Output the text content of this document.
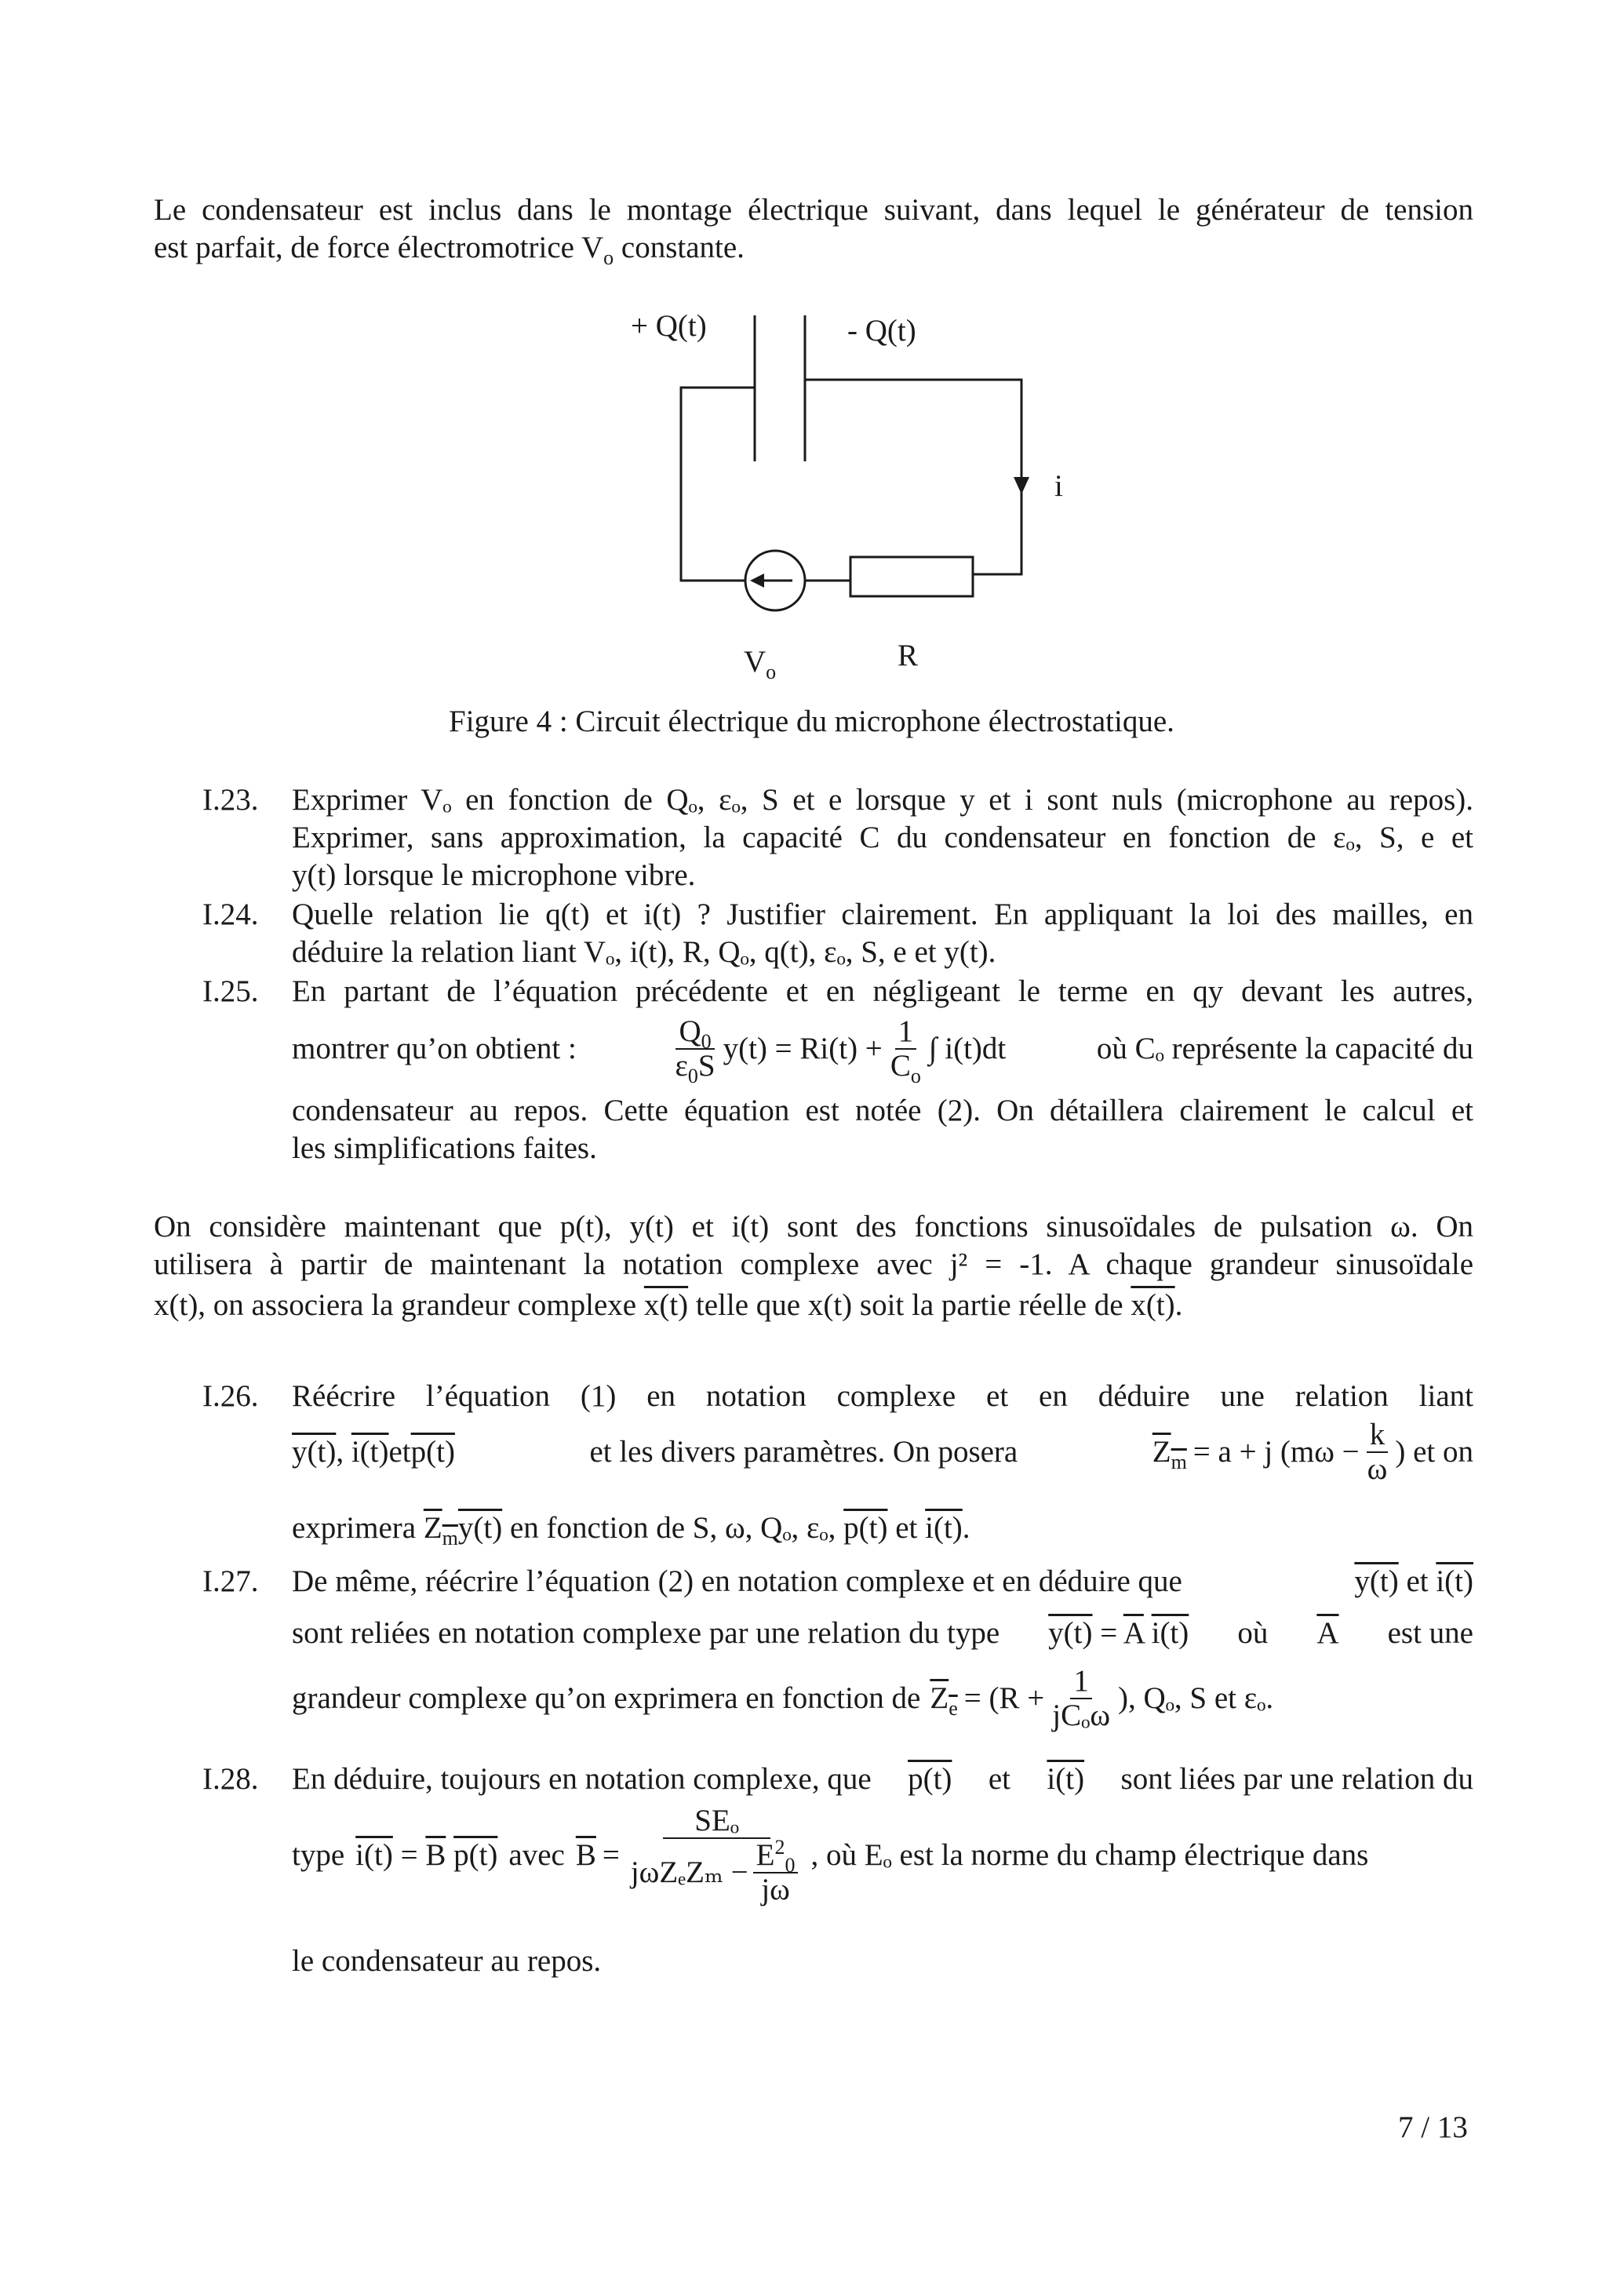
Le condensateur est inclus dans le montage électrique suivant, dans lequel le générateur de tension
est parfait, de force électromotrice $V_o$ constante.
+ Q(t)	- Q(t)
i
$V_o$	R
Figure 4 : Circuit électrique du microphone électrostatique.
I.23. Exprimer Vₒ en fonction de Qₒ, εₒ, S et e lorsque y et i sont nuls (microphone au repos).
Exprimer, sans approximation, la capacité C du condensateur en fonction de εₒ, S, e et
y(t) lorsque le microphone vibre.
I.24. Quelle relation lie q(t) et i(t) ? Justifier clairement. En appliquant la loi des mailles, en
déduire la relation liant Vₒ, i(t), R, Qₒ, q(t), εₒ, S, e et y(t).
I.25. En partant de l’équation précédente et en négligeant le terme en qy devant les autres,
montrer qu’on obtient :	$\frac{Q_0}{\varepsilon_0S} y(t) = Ri(t) + \frac{1}{C_o}$ ∫ i(t)dt	où Cₒ représente la capacité du
condensateur au repos. Cette équation est notée (2). On détaillera clairement le calcul et
les simplifications faites.
On considère maintenant que p(t), y(t) et i(t) sont des fonctions sinusoïdales de pulsation ω. On
utilisera à partir de maintenant la notation complexe avec j² = -1. A chaque grandeur sinusoïdale
x(t), on associera la grandeur complexe x(t) telle que x(t) soit la partie réelle de x(t).
I.26. Réécrire l’équation (1) en notation complexe et en déduire une relation liant
y(t), i(t)etp(t)	et les divers paramètres. On posera	$Z_m = a + j$ ($m\omega - \frac{k}{\omega}$ ) et on
exprimera $Z_my(t)$ en fonction de S, ω, Qₒ, εₒ, p(t) et i(t).
I.27. De même, réécrire l’équation (2) en notation complexe et en déduire que	y(t) et i(t)
sont reliées en notation complexe par une relation du type $y(t) = \overline{A}$ i(t) où $\overline{A}$ est une
grandeur complexe qu’on exprimera en fonction de $Z_e = (R + \frac{1}{\text{jCₒω}}$ ), Qₒ, S et εₒ.
I.28. En déduire, toujours en notation complexe, que p(t) et i(t) sont liées par une relation du
type $i(t) = \overline{B}$ p(t) avec $\overline{B} = \frac{\text{SEₒ}}{j\omega Z_eZ_m - \frac{E^2_0}{j\omega}}$ , où Eₒ est la norme du champ électrique dans
le condensateur au repos.
7 / 13
